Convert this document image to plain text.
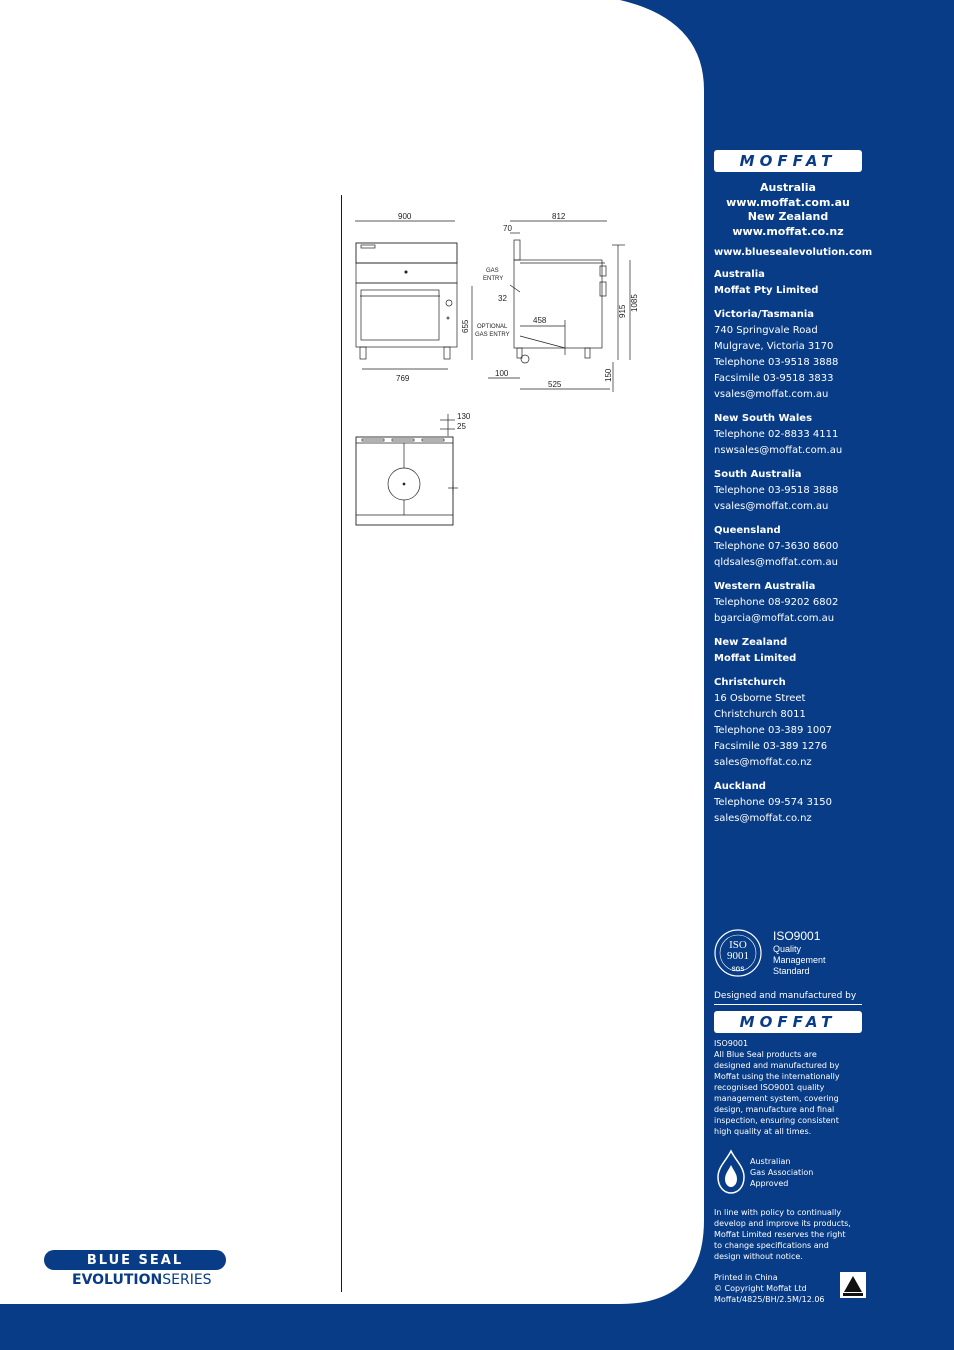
900
769
655
812
70
GAS
ENTRY
32
OPTIONAL
GAS ENTRY
458
915 1085
100
525
150
130
25
MOFFAT
Australia
www.moffat.com.au
New Zealand
www.moffat.co.nz
www.bluesealevolution.com
Australia
Moffat Pty Limited
Victoria/Tasmania
740 Springvale Road
Mulgrave, Victoria 3170
Telephone 03-9518 3888
Facsimile 03-9518 3833
vsales@moffat.com.au
New South Wales
Telephone 02-8833 4111
nswsales@moffat.com.au
South Australia
Telephone 03-9518 3888
vsales@moffat.com.au
Queensland
Telephone 07-3630 8600
qldsales@moffat.com.au
Western Australia
Telephone 08-9202 6802
bgarcia@moffat.com.au
New Zealand
Moffat Limited
Christchurch
16 Osborne Street
Christchurch 8011
Telephone 03-389 1007
Facsimile 03-389 1276
sales@moffat.co.nz
Auckland
Telephone 09-574 3150
sales@moffat.co.nz
ISO
9001
SGS
ISO9001
Quality
Management
Standard
Designed and manufactured by
MOFFAT
ISO9001
All Blue Seal products are
designed and manufactured by
Moffat using the internationally
recognised ISO9001 quality
management system, covering
design, manufacture and final
inspection, ensuring consistent
high quality at all times.
Australian
Gas Association
Approved
In line with policy to continually
develop and improve its products,
Moffat Limited reserves the right
to change specifications and
design without notice.
Printed in China
© Copyright Moffat Ltd
Moffat/4825/BH/2.5M/12.06
BLUE SEAL
EVOLUTIONSERIES
